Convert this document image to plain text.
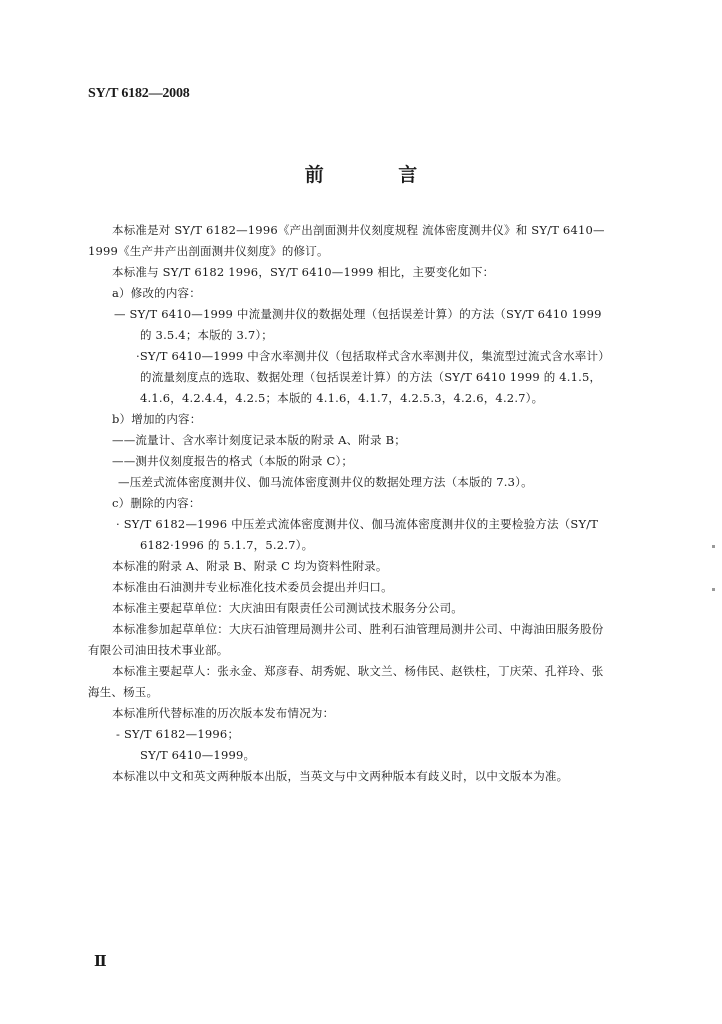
SY/T 6182—2008
前 言
本标准是对 SY/T 6182—1996《产出剖面测井仪刻度规程 流体密度测井仪》和 SY/T 6410—
1999《生产井产出剖面测井仪刻度》的修订。
本标准与 SY/T 6182 1996，SY/T 6410—1999 相比，主要变化如下：
a）修改的内容：
— SY/T 6410—1999 中流量测井仪的数据处理（包括误差计算）的方法（SY/T 6410 1999
的 3.5.4；本版的 3.7）；
·SY/T 6410—1999 中含水率测井仪（包括取样式含水率测井仪，集流型过流式含水率计）
的流量刻度点的选取、数据处理（包括误差计算）的方法（SY/T 6410 1999 的 4.1.5，
4.1.6，4.2.4.4，4.2.5；本版的 4.1.6，4.1.7，4.2.5.3，4.2.6，4.2.7）。
b）增加的内容：
——流量计、含水率计刻度记录本版的附录 A、附录 B；
——测井仪刻度报告的格式（本版的附录 C）；
—压差式流体密度测井仪、伽马流体密度测井仪的数据处理方法（本版的 7.3）。
c）删除的内容：
· SY/T 6182—1996 中压差式流体密度测井仪、伽马流体密度测井仪的主要检验方法（SY/T
6182·1996 的 5.1.7，5.2.7）。
本标准的附录 A、附录 B、附录 C 均为资料性附录。
本标准由石油测井专业标准化技术委员会提出并归口。
本标准主要起草单位：大庆油田有限责任公司测试技术服务分公司。
本标准参加起草单位：大庆石油管理局测井公司、胜利石油管理局测井公司、中海油田服务股份
有限公司油田技术事业部。
本标准主要起草人：张永金、郑彦春、胡秀妮、耿文兰、杨伟民、赵铁柱，丁庆荣、孔祥玲、张
海生、杨玉。
本标准所代替标准的历次版本发布情况为：
- SY/T 6182—1996；
SY/T 6410—1999。
本标准以中文和英文两种版本出版，当英文与中文两种版本有歧义时，以中文版本为准。
Ⅱ
